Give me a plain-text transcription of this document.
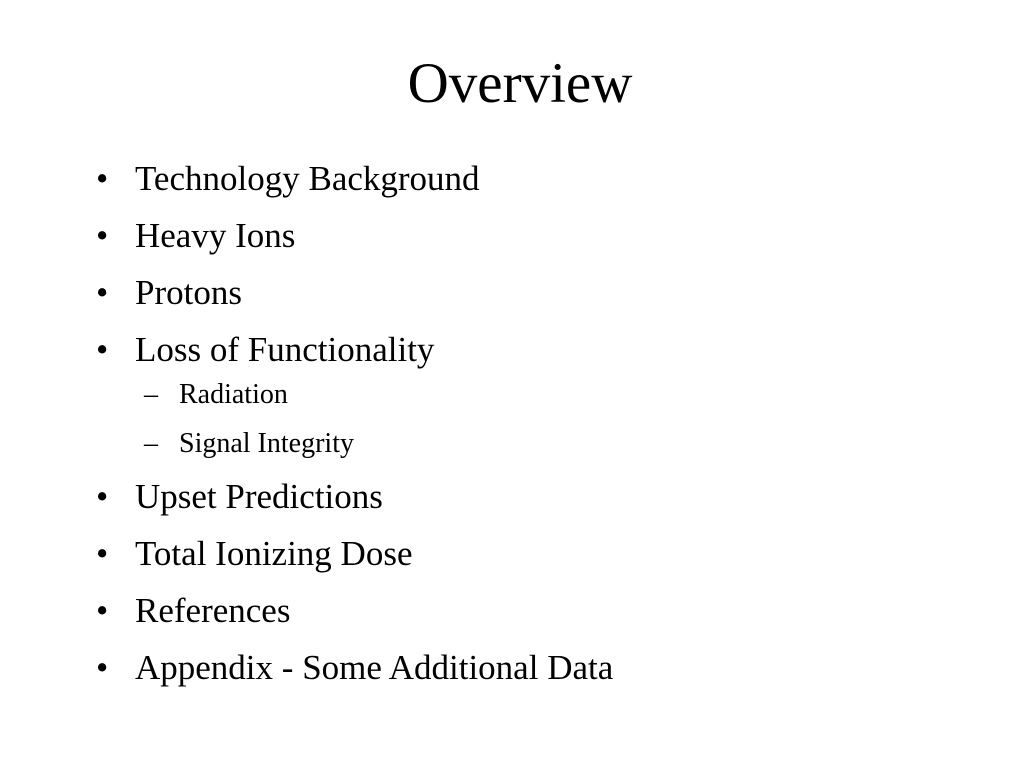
Overview
• Technology Background
• Heavy Ions
• Protons
• Loss of Functionality
– Radiation
– Signal Integrity
• Upset Predictions
• Total Ionizing Dose
• References
• Appendix - Some Additional Data
